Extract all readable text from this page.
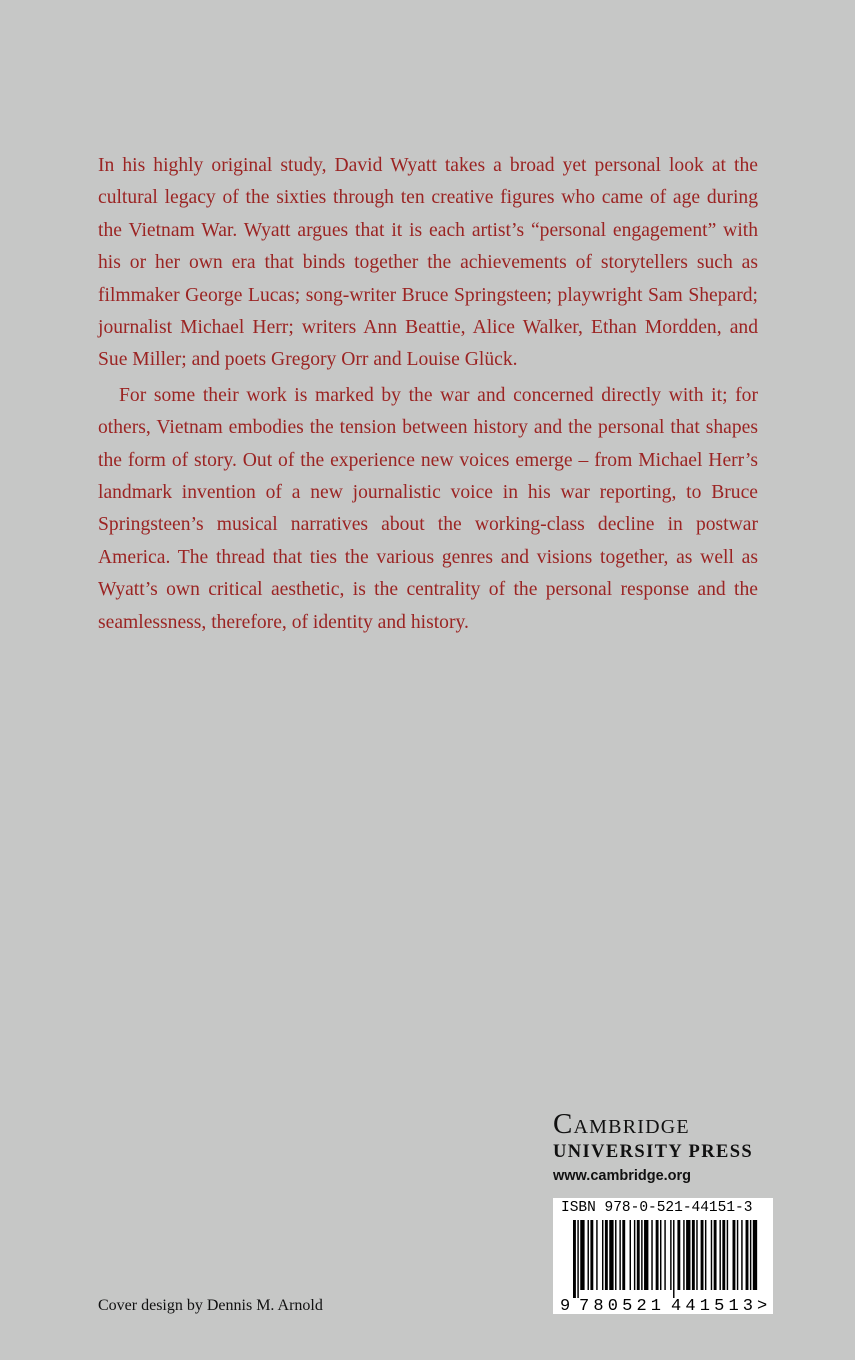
In his highly original study, David Wyatt takes a broad yet personal look at the cultural legacy of the sixties through ten creative figures who came of age during the Vietnam War. Wyatt argues that it is each artist’s “personal engagement” with his or her own era that binds together the achievements of storytellers such as filmmaker George Lucas; song-writer Bruce Springsteen; playwright Sam Shepard; journalist Michael Herr; writers Ann Beattie, Alice Walker, Ethan Mordden, and Sue Miller; and poets Gregory Orr and Louise Glück.

For some their work is marked by the war and concerned directly with it; for others, Vietnam embodies the tension between history and the personal that shapes the form of story. Out of the experience new voices emerge – from Michael Herr’s landmark invention of a new journalistic voice in his war reporting, to Bruce Springsteen’s musical narratives about the working-class decline in postwar America. The thread that ties the various genres and visions together, as well as Wyatt’s own critical aesthetic, is the centrality of the personal response and the seamlessness, therefore, of identity and history.

Cambridge
UNIVERSITY PRESS
www.cambridge.org
ISBN 978-0-521-44151-3
9 780521 441513 >
Cover design by Dennis M. Arnold
